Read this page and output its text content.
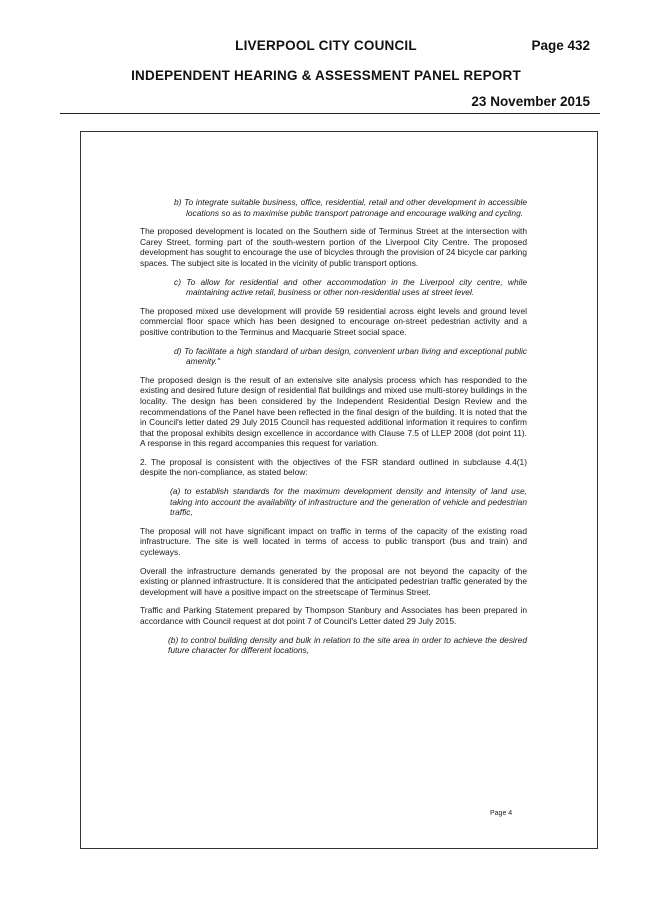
LIVERPOOL CITY COUNCIL	Page 432
INDEPENDENT HEARING & ASSESSMENT PANEL REPORT
23 November 2015

b) To integrate suitable business, office, residential, retail and other development in accessible locations so as to maximise public transport patronage and encourage walking and cycling.

The proposed development is located on the Southern side of Terminus Street at the intersection with Carey Street, forming part of the south-western portion of the Liverpool City Centre. The proposed development has sought to encourage the use of bicycles through the provision of 24 bicycle car parking spaces. The subject site is located in the vicinity of public transport options.

c) To allow for residential and other accommodation in the Liverpool city centre, while maintaining active retail, business or other non-residential uses at street level.

The proposed mixed use development will provide 59 residential across eight levels and ground level commercial floor space which has been designed to encourage on-street pedestrian activity and a positive contribution to the Terminus and Macquarie Street social space.

d) To facilitate a high standard of urban design, convenient urban living and exceptional public amenity."

The proposed design is the result of an extensive site analysis process which has responded to the existing and desired future design of residential flat buildings and mixed use multi-storey buildings in the locality. The design has been considered by the Independent Residential Design Review and the recommendations of the Panel have been reflected in the final design of the building. It is noted that the in Council's letter dated 29 July 2015 Council has requested additional information it requires to confirm that the proposal exhibits design excellence in accordance with Clause 7.5 of LLEP 2008 (dot point 11). A response in this regard accompanies this request for variation.

2. The proposal is consistent with the objectives of the FSR standard outlined in subclause 4.4(1) despite the non-compliance, as stated below:

(a) to establish standards for the maximum development density and intensity of land use, taking into account the availability of infrastructure and the generation of vehicle and pedestrian traffic,

The proposal will not have significant impact on traffic in terms of the capacity of the existing road infrastructure. The site is well located in terms of access to public transport (bus and train) and cycleways.

Overall the infrastructure demands generated by the proposal are not beyond the capacity of the existing or planned infrastructure. It is considered that the anticipated pedestrian traffic generated by the development will have a positive impact on the streetscape of Terminus Street.

Traffic and Parking Statement prepared by Thompson Stanbury and Associates has been prepared in accordance with Council request at dot point 7 of Council's Letter dated 29 July 2015.

(b) to control building density and bulk in relation to the site area in order to achieve the desired future character for different locations,

Page 4
